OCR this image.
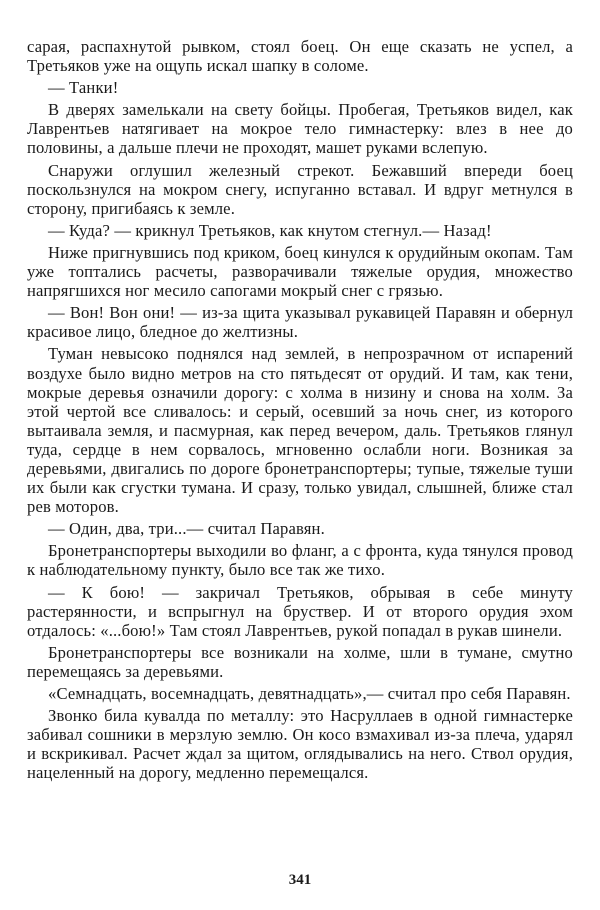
сарая, распахнутой рывком, стоял боец. Он еще сказать не успел, а Третьяков уже на ощупь искал шапку в соломе.

— Танки!

В дверях замелькали на свету бойцы. Пробегая, Третьяков видел, как Лаврентьев натягивает на мокрое тело гимнастерку: влез в нее до половины, а дальше плечи не проходят, машет руками вслепую.

Снаружи оглушил железный стрекот. Бежавший впереди боец поскользнулся на мокром снегу, испуганно вставал. И вдруг метнулся в сторону, пригибаясь к земле.

— Куда? — крикнул Третьяков, как кнутом стегнул.— Назад!

Ниже пригнувшись под криком, боец кинулся к орудийным окопам. Там уже топтались расчеты, разворачивали тяжелые орудия, множество напрягшихся ног месило сапогами мокрый снег с грязью.

— Вон! Вон они! — из-за щита указывал рукавицей Паравян и обернул красивое лицо, бледное до желтизны.

Туман невысоко поднялся над землей, в непрозрачном от испарений воздухе было видно метров на сто пятьдесят от орудий. И там, как тени, мокрые деревья означили дорогу: с холма в низину и снова на холм. За этой чертой все сливалось: и серый, осевший за ночь снег, из которого вытаивала земля, и пасмурная, как перед вечером, даль. Третьяков глянул туда, сердце в нем сорвалось, мгновенно ослабли ноги. Возникая за деревьями, двигались по дороге бронетранспортеры; тупые, тяжелые туши их были как сгустки тумана. И сразу, только увидал, слышней, ближе стал рев моторов.

— Один, два, три...— считал Паравян.

Бронетранспортеры выходили во фланг, а с фронта, куда тянулся провод к наблюдательному пункту, было все так же тихо.

— К бою! — закричал Третьяков, обрывая в себе минуту растерянности, и вспрыгнул на бруствер. И от второго орудия эхом отдалось: «...бою!» Там стоял Лаврентьев, рукой попадал в рукав шинели.

Бронетранспортеры все возникали на холме, шли в тумане, смутно перемещаясь за деревьями.

«Семнадцать, восемнадцать, девятнадцать»,— считал про себя Паравян.

Звонко била кувалда по металлу: это Насруллаев в одной гимнастерке забивал сошники в мерзлую землю. Он косо взмахивал из-за плеча, ударял и вскрикивал. Расчет ждал за щитом, оглядывались на него. Ствол орудия, нацеленный на дорогу, медленно перемещался.

341
